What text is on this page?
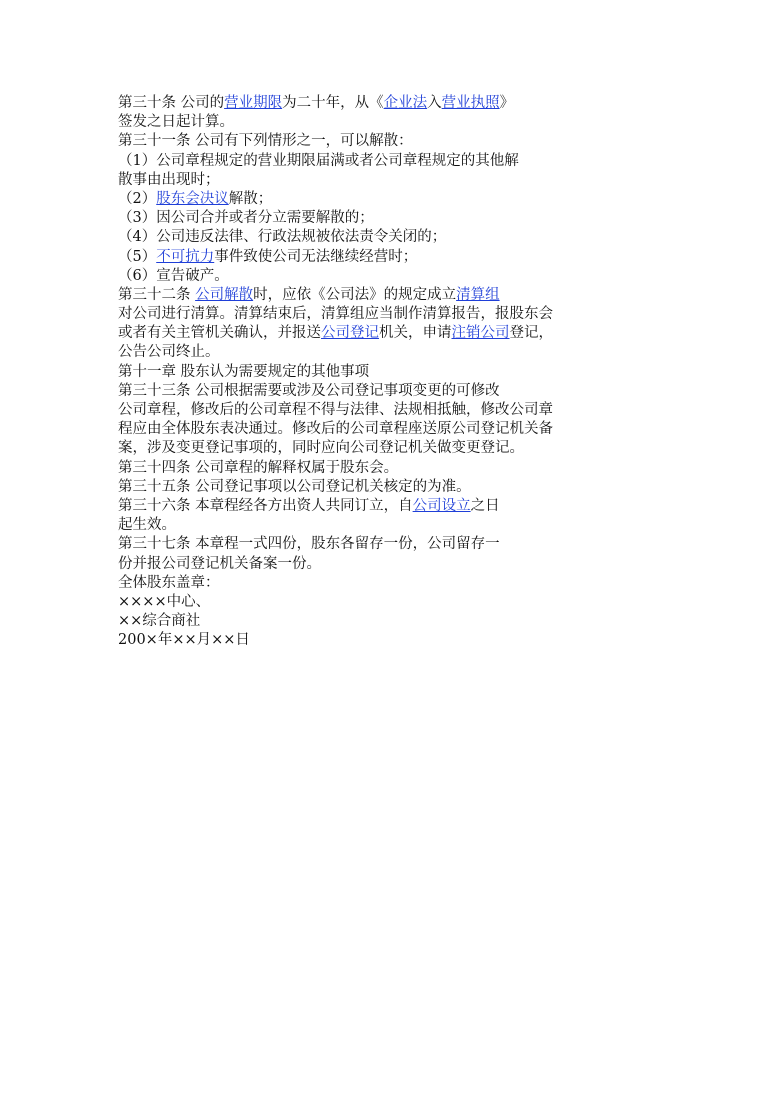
第三十条 公司的营业期限为二十年，从《企业法入营业执照》
签发之日起计算。
第三十一条 公司有下列情形之一，可以解散：
（1）公司章程规定的营业期限届满或者公司章程规定的其他解
散事由出现时；
（2）股东会决议解散；
（3）因公司合并或者分立需要解散的；
（4）公司违反法律、行政法规被依法责令关闭的；
（5）不可抗力事件致使公司无法继续经营时；
（6）宣告破产。
第三十二条 公司解散时，应依《公司法》的规定成立清算组
对公司进行清算。清算结束后，清算组应当制作清算报告，报股东会
或者有关主管机关确认，并报送公司登记机关，申请注销公司登记，
公告公司终止。
第十一章 股东认为需要规定的其他事项
第三十三条 公司根据需要或涉及公司登记事项变更的可修改
公司章程，修改后的公司章程不得与法律、法规相抵触，修改公司章
程应由全体股东表决通过。修改后的公司章程座送原公司登记机关备
案，涉及变更登记事项的，同时应向公司登记机关做变更登记。
第三十四条 公司章程的解释权属于股东会。
第三十五条 公司登记事项以公司登记机关核定的为准。
第三十六条 本章程经各方出资人共同订立，自公司设立之日
起生效。
第三十七条 本章程一式四份，股东各留存一份，公司留存一
份并报公司登记机关备案一份。
全体股东盖章：
××××中心、
××综合商社
200×年××月××日
